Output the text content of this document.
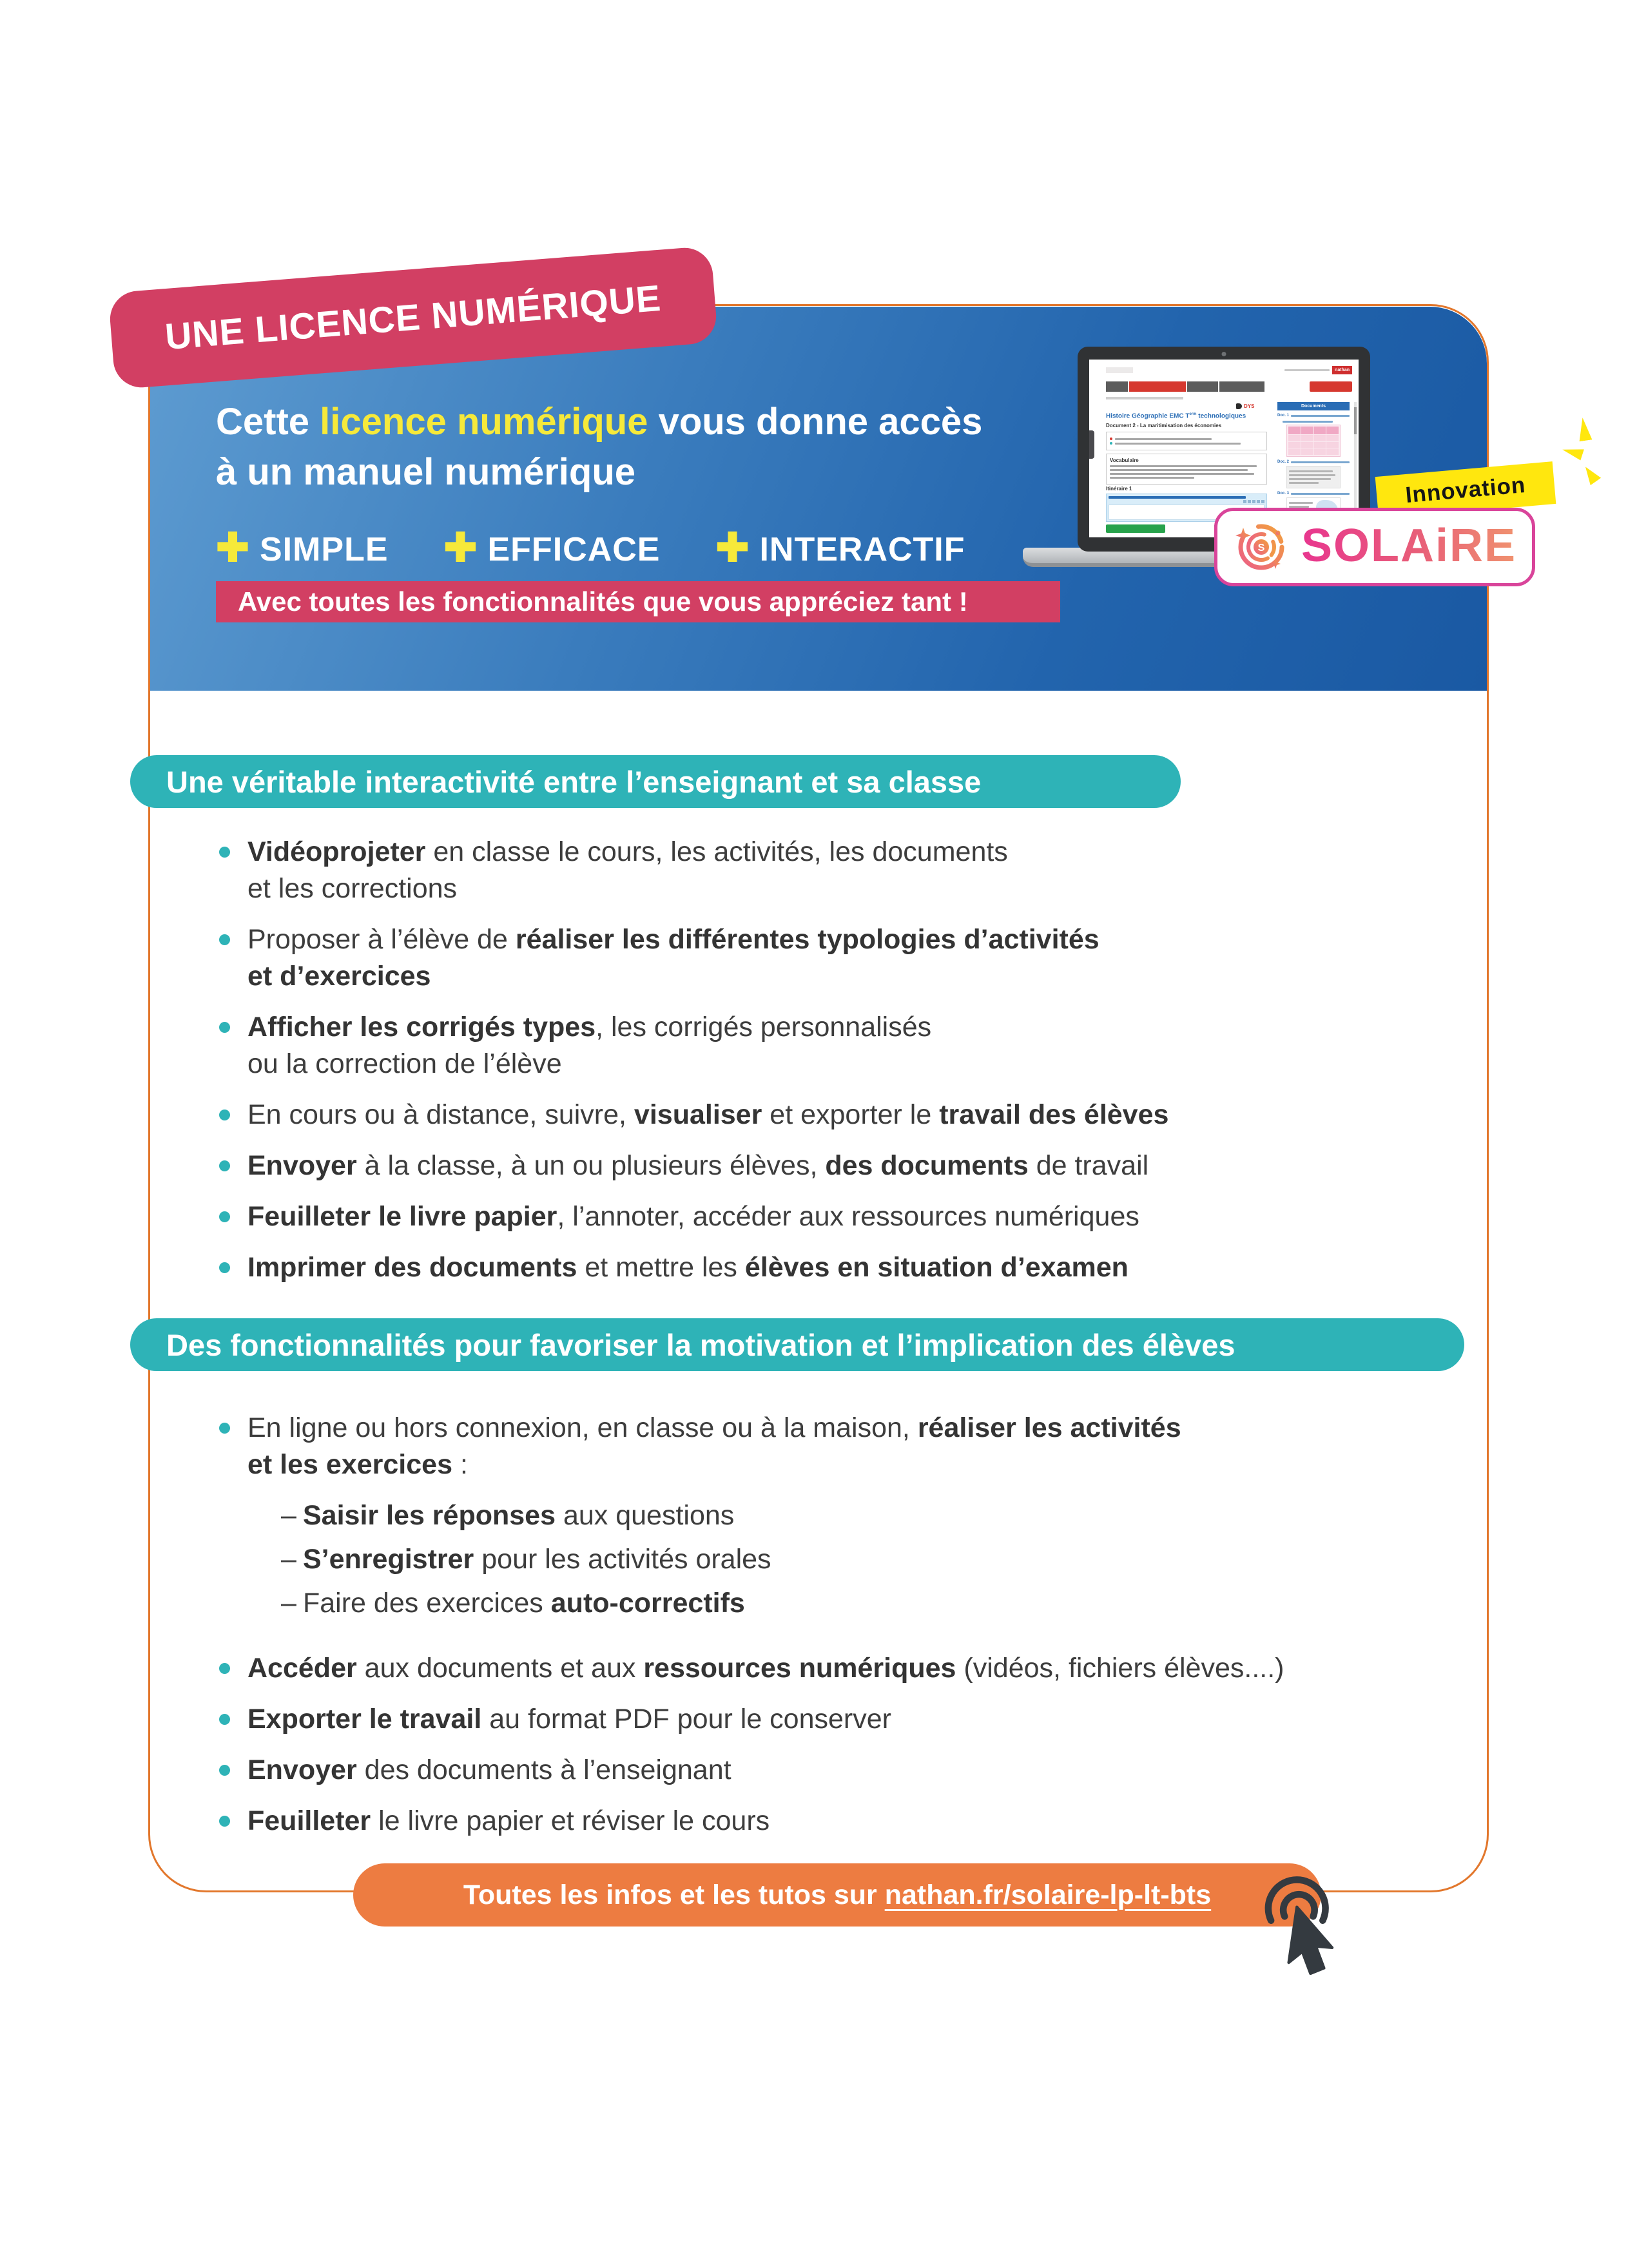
UNE LICENCE NUMÉRIQUE
Cette licence numérique vous donne accès
à un manuel numérique
✚ SIMPLE ✚ EFFICACE ✚ INTERACTIF
Avec toutes les fonctionnalités que vous appréciez tant !
nathan
DYS
Histoire Géographie EMC $T^{erm}$ technologiques
Document 2 - La maritimisation des économies
Vocabulaire
Itinéraire 1
Documents
Doc. 1
Doc. 2
Doc. 3	Innovation
S SOLAiRE
Une véritable interactivité entre l’enseignant et sa classe
Vidéoprojeter en classe le cours, les activités, les documents
et les corrections
Proposer à l’élève de réaliser les différentes typologies d’activités
et d’exercices
Afficher les corrigés types, les corrigés personnalisés
ou la correction de l’élève
En cours ou à distance, suivre, visualiser et exporter le travail des élèves
Envoyer à la classe, à un ou plusieurs élèves, des documents de travail
Feuilleter le livre papier, l’annoter, accéder aux ressources numériques
Imprimer des documents et mettre les élèves en situation d’examen
Des fonctionnalités pour favoriser la motivation et l’implication des élèves
En ligne ou hors connexion, en classe ou à la maison, réaliser les activités
et les exercices :
– Saisir les réponses aux questions
– S’enregistrer pour les activités orales
– Faire des exercices auto-correctifs
Accéder aux documents et aux ressources numériques (vidéos, fichiers élèves....)
Exporter le travail au format PDF pour le conserver
Envoyer des documents à l’enseignant
Feuilleter le livre papier et réviser le cours
Toutes les infos et les tutos sur nathan.fr/solaire-lp-lt-bts
